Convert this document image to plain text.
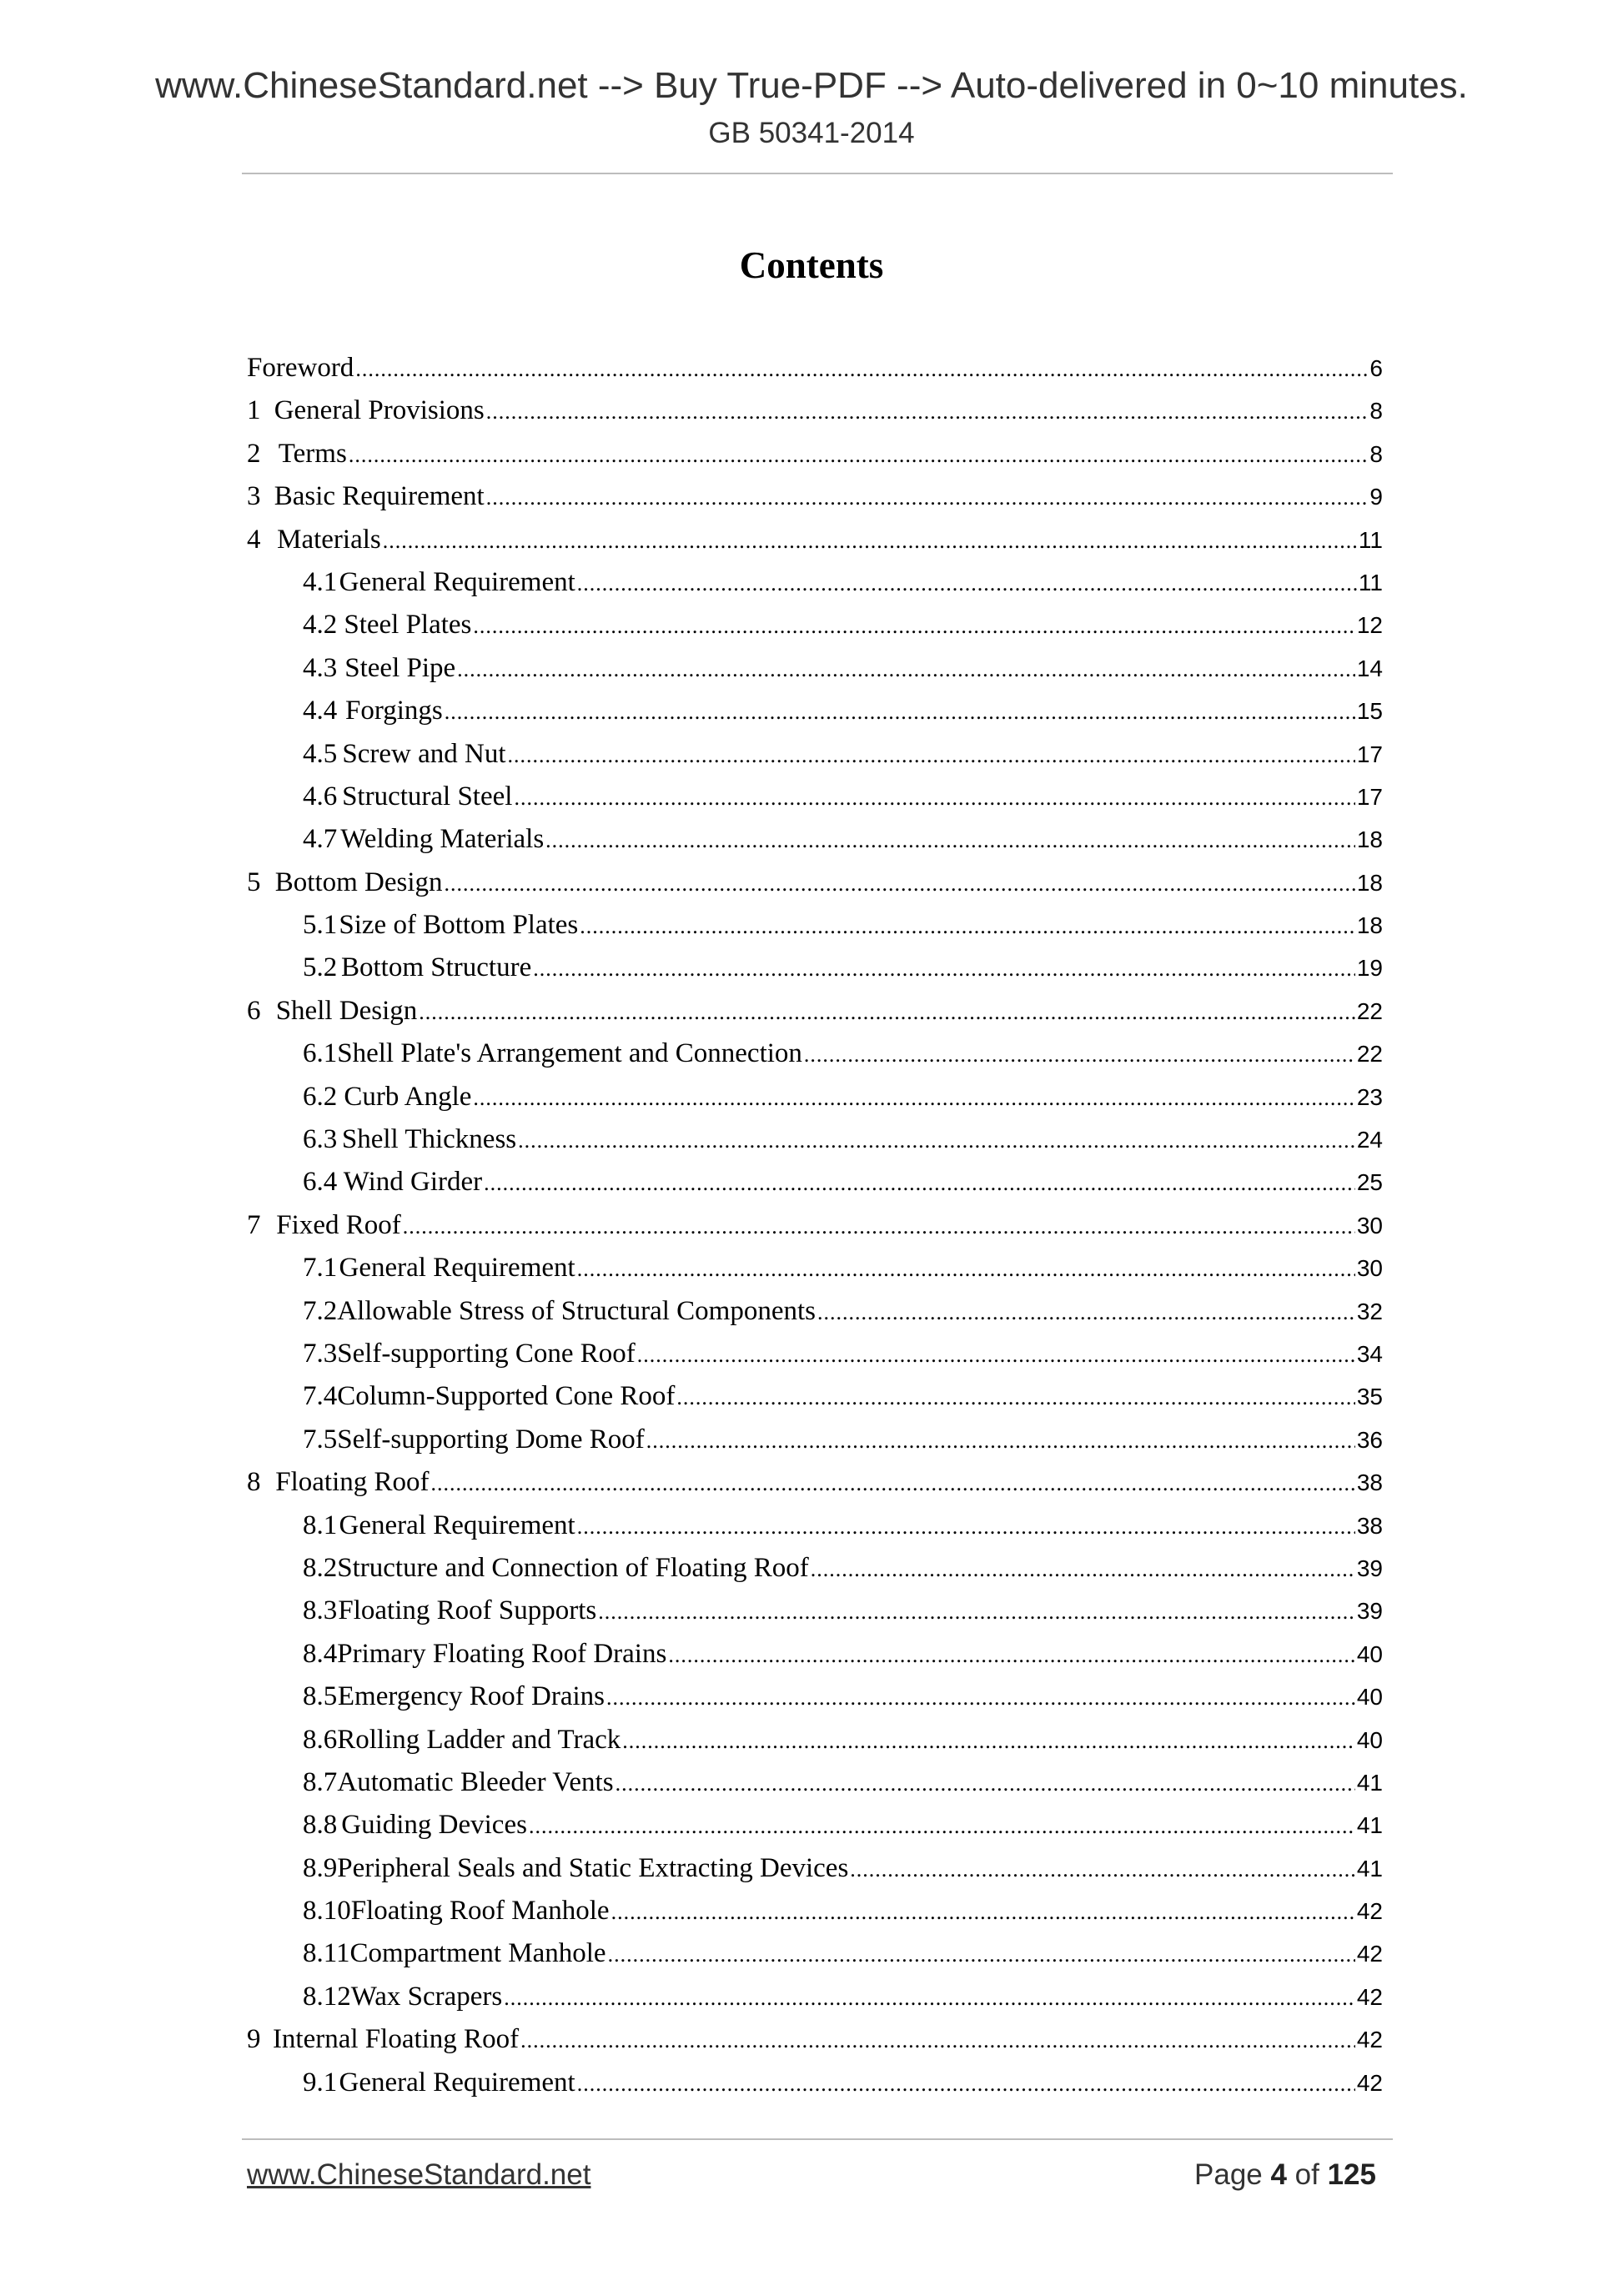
www.ChineseStandard.net --> Buy True-PDF --> Auto-delivered in 0~10 minutes.
GB 50341-2014
Contents
Foreword .....	6
1 General Provisions .....	8
2 Terms .....	8
3 Basic Requirement .....	9
4 Materials .....	11
4.1 General Requirement .....	11
4.2 Steel Plates .....	12
4.3 Steel Pipe .....	14
4.4 Forgings .....	15
4.5 Screw and Nut .....	17
4.6 Structural Steel .....	17
4.7 Welding Materials .....	18
5 Bottom Design .....	18
5.1 Size of Bottom Plates .....	18
5.2 Bottom Structure .....	19
6 Shell Design .....	22
6.1 Shell Plate's Arrangement and Connection .....	22
6.2 Curb Angle .....	23
6.3 Shell Thickness .....	24
6.4 Wind Girder .....	25
7 Fixed Roof .....	30
7.1 General Requirement .....	30
7.2 Allowable Stress of Structural Components .....	32
7.3 Self-supporting Cone Roof .....	34
7.4 Column-Supported Cone Roof .....	35
7.5 Self-supporting Dome Roof .....	36
8 Floating Roof .....	38
8.1 General Requirement .....	38
8.2 Structure and Connection of Floating Roof .....	39
8.3 Floating Roof Supports .....	39
8.4 Primary Floating Roof Drains .....	40
8.5 Emergency Roof Drains .....	40
8.6 Rolling Ladder and Track .....	40
8.7 Automatic Bleeder Vents .....	41
8.8 Guiding Devices .....	41
8.9 Peripheral Seals and Static Extracting Devices .....	41
8.10 Floating Roof Manhole .....	42
8.11 Compartment Manhole .....	42
8.12 Wax Scrapers .....	42
9 Internal Floating Roof .....	42
9.1 General Requirement .....	42
www.ChineseStandard.net	Page 4 of 125
